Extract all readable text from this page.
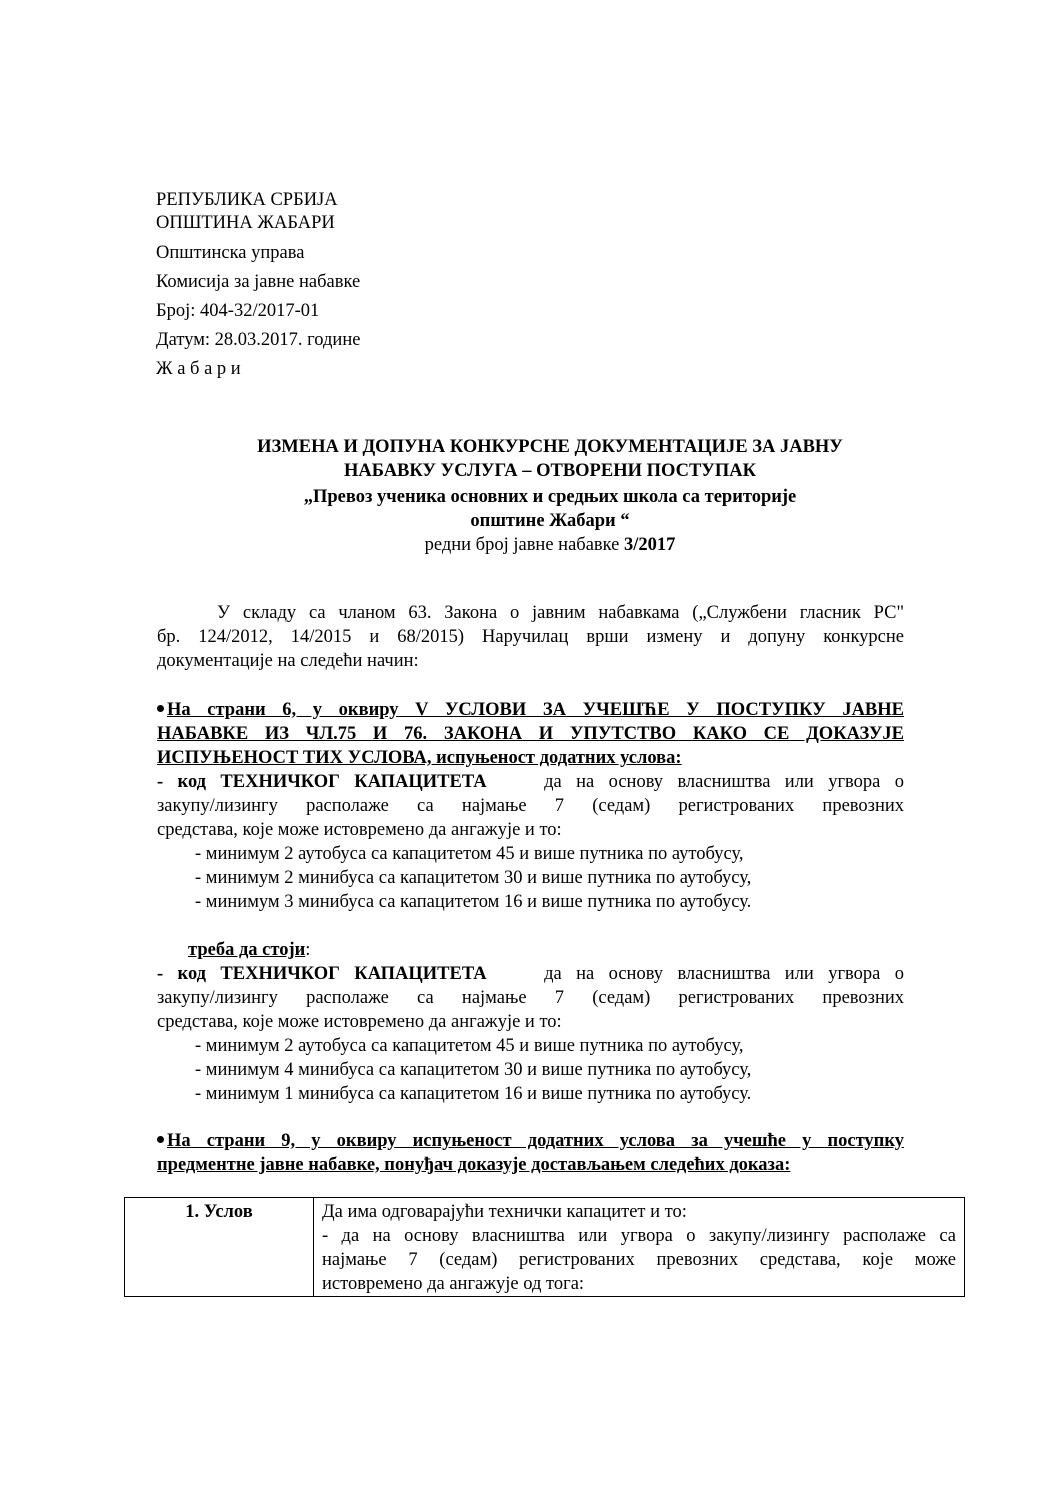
РЕПУБЛИКА СРБИЈА
ОПШТИНА ЖАБАРИ
Општинска управа
Комисија за јавне набавке
Број: 404-32/2017-01
Датум: 28.03.2017. године
Ж а б а р и
ИЗМЕНА И ДОПУНА КОНКУРСНЕ ДОКУМЕНТАЦИЈЕ ЗА ЈАВНУ
НАБАВКУ УСЛУГА – ОТВОРЕНИ ПОСТУПАК
„Превоз ученика основних и средњих школа са територије
општине Жабари “
редни број јавне набавке 3/2017
У складу са чланом 63. Закона о јавним набавкама („Службени гласник РС"
бр. 124/2012, 14/2015 и 68/2015) Наручилац врши измену и допуну конкурсне
документације на следећи начин:
На страни 6, у оквиру V УСЛОВИ ЗА УЧЕШЋЕ У ПОСТУПКУ ЈАВНЕ
НАБАВКЕ ИЗ ЧЛ.75 И 76. ЗАКОНА И УПУТСТВО КАКО СЕ ДОКАЗУЈЕ
ИСПУЊЕНОСТ ТИХ УСЛОВА, испуњеност додатних услова:
- код ТЕХНИЧКОГ КАПАЦИТЕТА	да на основу власништва или угвора о
закупу/лизингу располаже са најмање 7 (седам) регистрованих превозних
средстава, које може истовремено да ангажује и то:
- минимум 2 аутобуса са капацитетом 45 и више путника по аутобусу,
- минимум 2 минибуса са капацитетом 30 и више путника по аутобусу,
- минимум 3 минибуса са капацитетом 16 и више путника по аутобусу.
треба да стоји:
- код ТЕХНИЧКОГ КАПАЦИТЕТА	да на основу власништва или угвора о
закупу/лизингу располаже са најмање 7 (седам) регистрованих превозних
средстава, које може истовремено да ангажује и то:
- минимум 2 аутобуса са капацитетом 45 и више путника по аутобусу,
- минимум 4 минибуса са капацитетом 30 и више путника по аутобусу,
- минимум 1 минибуса са капацитетом 16 и више путника по аутобусу.
На страни 9, у оквиру испуњеност додатних услова за учешће у поступку
предментне јавне набавке, понуђач доказује достављањем следећих доказа:
1. Услов	Да има одговарајући технички капацитет и то:
- да на основу власништва или угвора о закупу/лизингу располаже са
најмање 7 (седам) регистрованих превозних средстава, које може
истовремено да ангажује од тога:
